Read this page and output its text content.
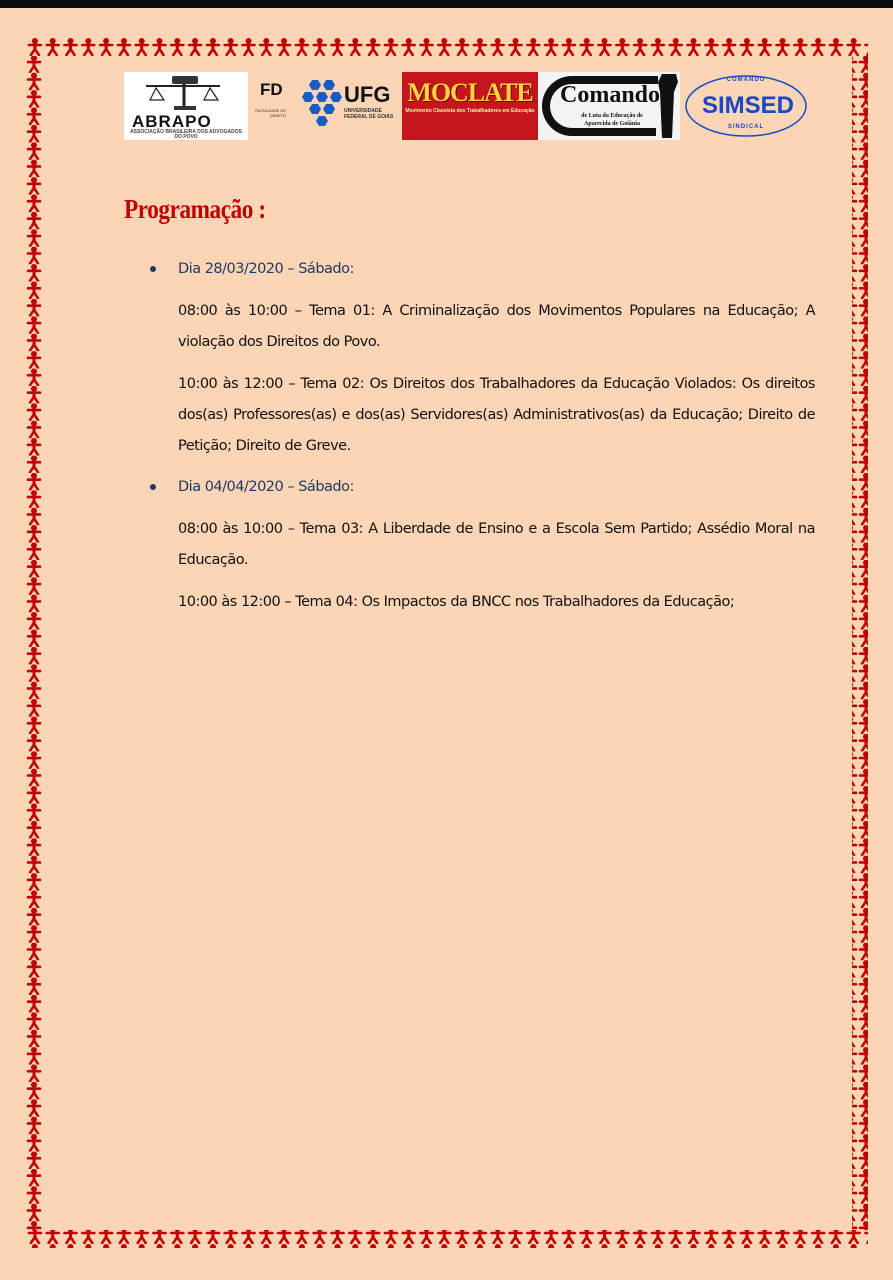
ABRAPO
ASSOCIAÇÃO BRASILEIRA DOS ADVOGADOS DO POVO
FD
FACULDADE DE DIREITO
UFG
UNIVERSIDADE FEDERAL DE GOIÁS
MOCLATE
Movimento Classista dos Trabalhadores em Educação
Comando
de Luta da Educação de Aparecida de Goiânia
COMANDO
SIMSED
SINDICAL
Programação :

Dia 28/03/2020 – Sábado:

08:00 às 10:00 – Tema 01: A Criminalização dos Movimentos Populares na Educação; A violação dos Direitos do Povo.

10:00 às 12:00 – Tema 02: Os Direitos dos Trabalhadores da Educação Violados: Os direitos dos(as) Professores(as) e dos(as) Servidores(as) Administrativos(as) da Educação; Direito de Petição; Direito de Greve.

Dia 04/04/2020 – Sábado:

08:00 às 10:00 – Tema 03: A Liberdade de Ensino e a Escola Sem Partido; Assédio Moral na Educação.

10:00 às 12:00 – Tema 04: Os Impactos da BNCC nos Trabalhadores da Educação;
